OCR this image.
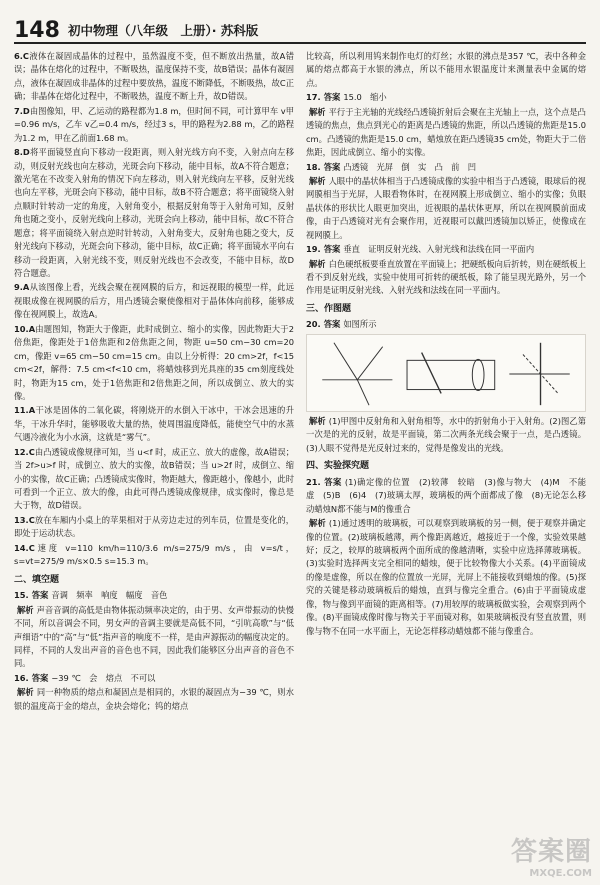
148 初中物理（八年级　上册）· 苏科版
6.C液体在凝固成晶体的过程中，虽然温度不变，但不断放出热量，故A错误；晶体在熔化的过程中，不断吸热，温度保持不变，故B错误；晶体有凝固点，液体在凝固成非晶体的过程中要放热，温度不断降低，不断吸热，故C正确；非晶体在熔化过程中，不断吸热，温度不断上升，故D错误。
7.D由图像知，甲、乙运动的路程都为1.8 m，但时间不同，可计算甲车 v甲=0.96 m/s，乙车 v乙=0.4 m/s，经过3 s，甲的路程为2.88 m，乙的路程为1.2 m，甲在乙前面1.68 m。
8.D将平面镜竖直向下移动一段距离，则入射光线方向不变，入射点向左移动，则反射光线也向左移动，光斑会向下移动，能中目标，故A不符合题意；激光笔在不改变入射角的情况下向左移动，则入射光线向左平移，反射光线也向左平移，光斑会向下移动，能中目标，故B不符合题意；将平面镜绕入射点顺时针转动一定的角度，入射角变小，根据反射角等于入射角可知，反射角也随之变小，反射光线向上移动，光斑会向上移动，能中目标，故C不符合题意；将平面镜绕入射点逆时针转动，入射角变大，反射角也随之变大，反射光线向下移动，光斑会向下移动，能中目标，故C正确；将平面镜水平向右移动一段距离，入射光线不变，则反射光线也不会改变，不能中目标，故D符合题意。
9.A从该图像上看，光线会聚在视网膜的后方，和远视眼的模型一样，此远视眼成像在视网膜的后方，用凸透镜会聚使像相对于晶体体向前移，能够成像在视网膜上，故选A。
10.A由题图知，物距大于像距，此时成倒立、缩小的实像，因此物距大于2倍焦距，像距处于1倍焦距和2倍焦距之间，物距 u=50 cm−30 cm=20 cm，像距 v=65 cm−50 cm=15 cm。由以上分析得：20 cm>2f，f<15 cm<2f，解得：7.5 cm<f<10 cm，将蜡烛移到光具座的35 cm刻度线处时，物距为15 cm，处于1倍焦距和2倍焦距之间，所以成倒立、放大的实像。
11.A干冰是固体的二氧化碳，将刚烧开的水倒入干冰中，干冰会迅速的升华，干冰升华时，能够吸收大量的热，使周围温度降低，能使空气中的水蒸气遇冷液化为小水滴，这就是“雾气”。
12.C由凸透镜成像规律可知，当 u<f 时，成正立、放大的虚像，故A错误；当 2f>u>f 时，成倒立、放大的实像，故B错误；当 u>2f 时，成倒立、缩小的实像，故C正确；凸透镜成实像时，物距越大，像距越小，像越小，此时可看到一个正立、放大的像，由此可得凸透镜成像规律，成实像时，像总是大于物，故D错误。
13.C放在车厢内小桌上的苹果相对于从旁边走过的列车员，位置是变化的，即处于运动状态。
14.C速度 v=110 km/h=110/3.6 m/s=275/9 m/s，由 v=s/t，s=vt=275/9 m/s×0.5 s=15.3 m。
二、填空题
15. 答案 音调　频率　响度　幅度　音色
解析 声音音调的高低是由物体振动频率决定的，由于男、女声带振动的快慢不同，所以音调会不同，男女声的音调主要就是高低不同，“引吭高歌”与“低声细语”中的“高”与“低”指声音的响度不一样，是由声源振动的幅度决定的。同样，不同的人发出声音的音色也不同，因此我们能够区分出声音的音色不同。
16. 答案 −39 ℃　会　熔点　不可以
解析 同一种物质的熔点和凝固点是相同的，水银的凝固点为−39 ℃，则水银的温度高于金的熔点，金块会熔化；钨的熔点
比较高，所以利用钨来制作电灯的灯丝；水银的沸点是357 ℃，表中各种金属的熔点都高于水银的沸点，所以不能用水银温度计来测量表中金属的熔点。
17. 答案 15.0　缩小
解析 平行于主光轴的光线经凸透镜折射后会聚在主光轴上一点，这个点是凸透镜的焦点，焦点到光心的距离是凸透镜的焦距，所以凸透镜的焦距是15.0 cm。凸透镜的焦距是15.0 cm，蜡烛放在距凸透镜35 cm处，物距大于二倍焦距，因此成倒立、缩小的实像。
18. 答案 凸透镜　光屏　倒　实　凸　前　凹
解析 人眼中的晶状体相当于凸透镜成像的实验中相当于凸透镜，眼球后的视网膜相当于光屏，人眼看物体时，在视网膜上形成倒立、缩小的实像；负眼晶状体的形状比人眼更加突出，近视眼的晶状体更厚，所以在视网膜前面成像，由于凸透镜对光有会聚作用，近视眼可以戴凹透镜加以矫正，使像成在视网膜上。
19. 答案 垂直　证明反射光线、入射光线和法线在同一平面内
解析 白色硬纸板要垂直放置在平面镜上；把硬纸板向后折转，则在硬纸板上看不到反射光线，实验中使用可折转的硬纸板，除了能呈现光路外，另一个作用是证明反射光线、入射光线和法线在同一平面内。
三、作图题
20. 答案 如图所示
解析 (1)甲图中反射角和入射角相等，水中的折射角小于入射角。(2)图乙第一次是的光的反射，故是平面镜，第二次两条光线会聚于一点，是凸透镜。(3)人眼不觉得是光反射过来的，觉得是像发出的光线。
四、实验探究题
21. 答案 (1)确定像的位置　(2)较薄　较暗　(3)像与物大　(4)M　不能　虚　(5)B　(6)4　(7)玻璃太厚，玻璃板的两个面都成了像　(8)无论怎么移动蜡烛N都不能与M的像重合
解析 (1)通过透明的玻璃板，可以观察到玻璃板的另一侧，便于观察并确定像的位置。(2)玻璃板越薄，两个像距离越近，越接近于一个像，实验效果越好；反之，较厚的玻璃板两个面所成的像越清晰，实验中应选择薄玻璃板。(3)实验时选择两支完全相同的蜡烛，便于比较物像大小关系。(4)平面镜成的像是虚像，所以在像的位置放一光屏，光屏上不能接收到蜡烛的像。(5)探究的关键是移动玻璃板后的蜡烛，直到与像完全重合。(6)由于平面镜成虚像，物与像到平面镜的距离相等。(7)用较厚的玻璃板做实验，会观察到两个像。(8)平面镜成像时像与物关于平面镜对称，如果玻璃板没有竖直放置，则像与物不在同一水平面上，无论怎样移动蜡烛都不能与像重合。
答案圈
MXQE.COM
